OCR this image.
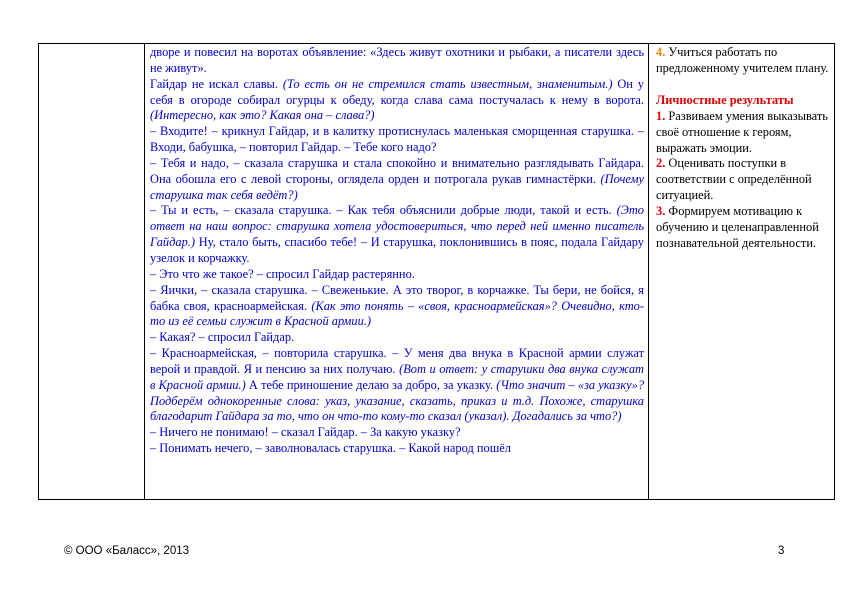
дворе и повесил на воротах объявление: «Здесь живут охотники и рыбаки, а писатели здесь не живут».

Гайдар не искал славы. (То есть он не стремился стать известным, знаменитым.) Он у себя в огороде собирал огурцы к обеду, когда слава сама постучалась к нему в ворота. (Интересно, как это? Какая она – слава?)

– Входите! – крикнул Гайдар, и в калитку протиснулась маленькая сморщенная старушка. – Входи, бабушка, – повторил Гайдар. – Тебе кого надо?

– Тебя и надо, – сказала старушка и стала спокойно и внимательно разглядывать Гайдара. Она обошла его с левой стороны, оглядела орден и потрогала рукав гимнастёрки. (Почему старушка так себя ведёт?)

– Ты и есть, – сказала старушка. – Как тебя объяснили добрые люди, такой и есть. (Это ответ на наш вопрос: старушка хотела удостовериться, что перед ней именно писатель Гайдар.) Ну, стало быть, спасибо тебе! – И старушка, поклонившись в пояс, подала Гайдару узелок и корчажку.

– Это что же такое? – спросил Гайдар растерянно.

– Яички, – сказала старушка. – Свеженькие. А это творог, в корчажке. Ты бери, не бойся, я бабка своя, красноармейская. (Как это понять – «своя, красноармейская»? Очевидно, кто-то из её семьи служит в Красной армии.)

– Какая? – спросил Гайдар.

– Красноармейская, – повторила старушка. – У меня два внука в Красной армии служат верой и правдой. Я и пенсию за них получаю. (Вот и ответ: у старушки два внука служат в Красной армии.) А тебе приношение делаю за добро, за указку. (Что значит – «за указку»? Подберём однокоренные слова: указ, указание, сказать, приказ и т.д. Похоже, старушка благодарит Гайдара за то, что он что-то кому-то сказал (указал). Догадались за что?)

– Ничего не понимаю! – сказал Гайдар. – За какую указку?

– Понимать нечего, – заволновалась старушка. – Какой народ пошёл

4. Учиться работать по предложенному учителем плану.

Личностные результаты

1. Развиваем умения выказывать своё отношение к героям, выражать эмоции.

2. Оценивать поступки в соответствии с определённой ситуацией.

3. Формируем мотивацию к обучению и целенаправленной познавательной деятельности.

© ООО «Баласс», 2013	3
